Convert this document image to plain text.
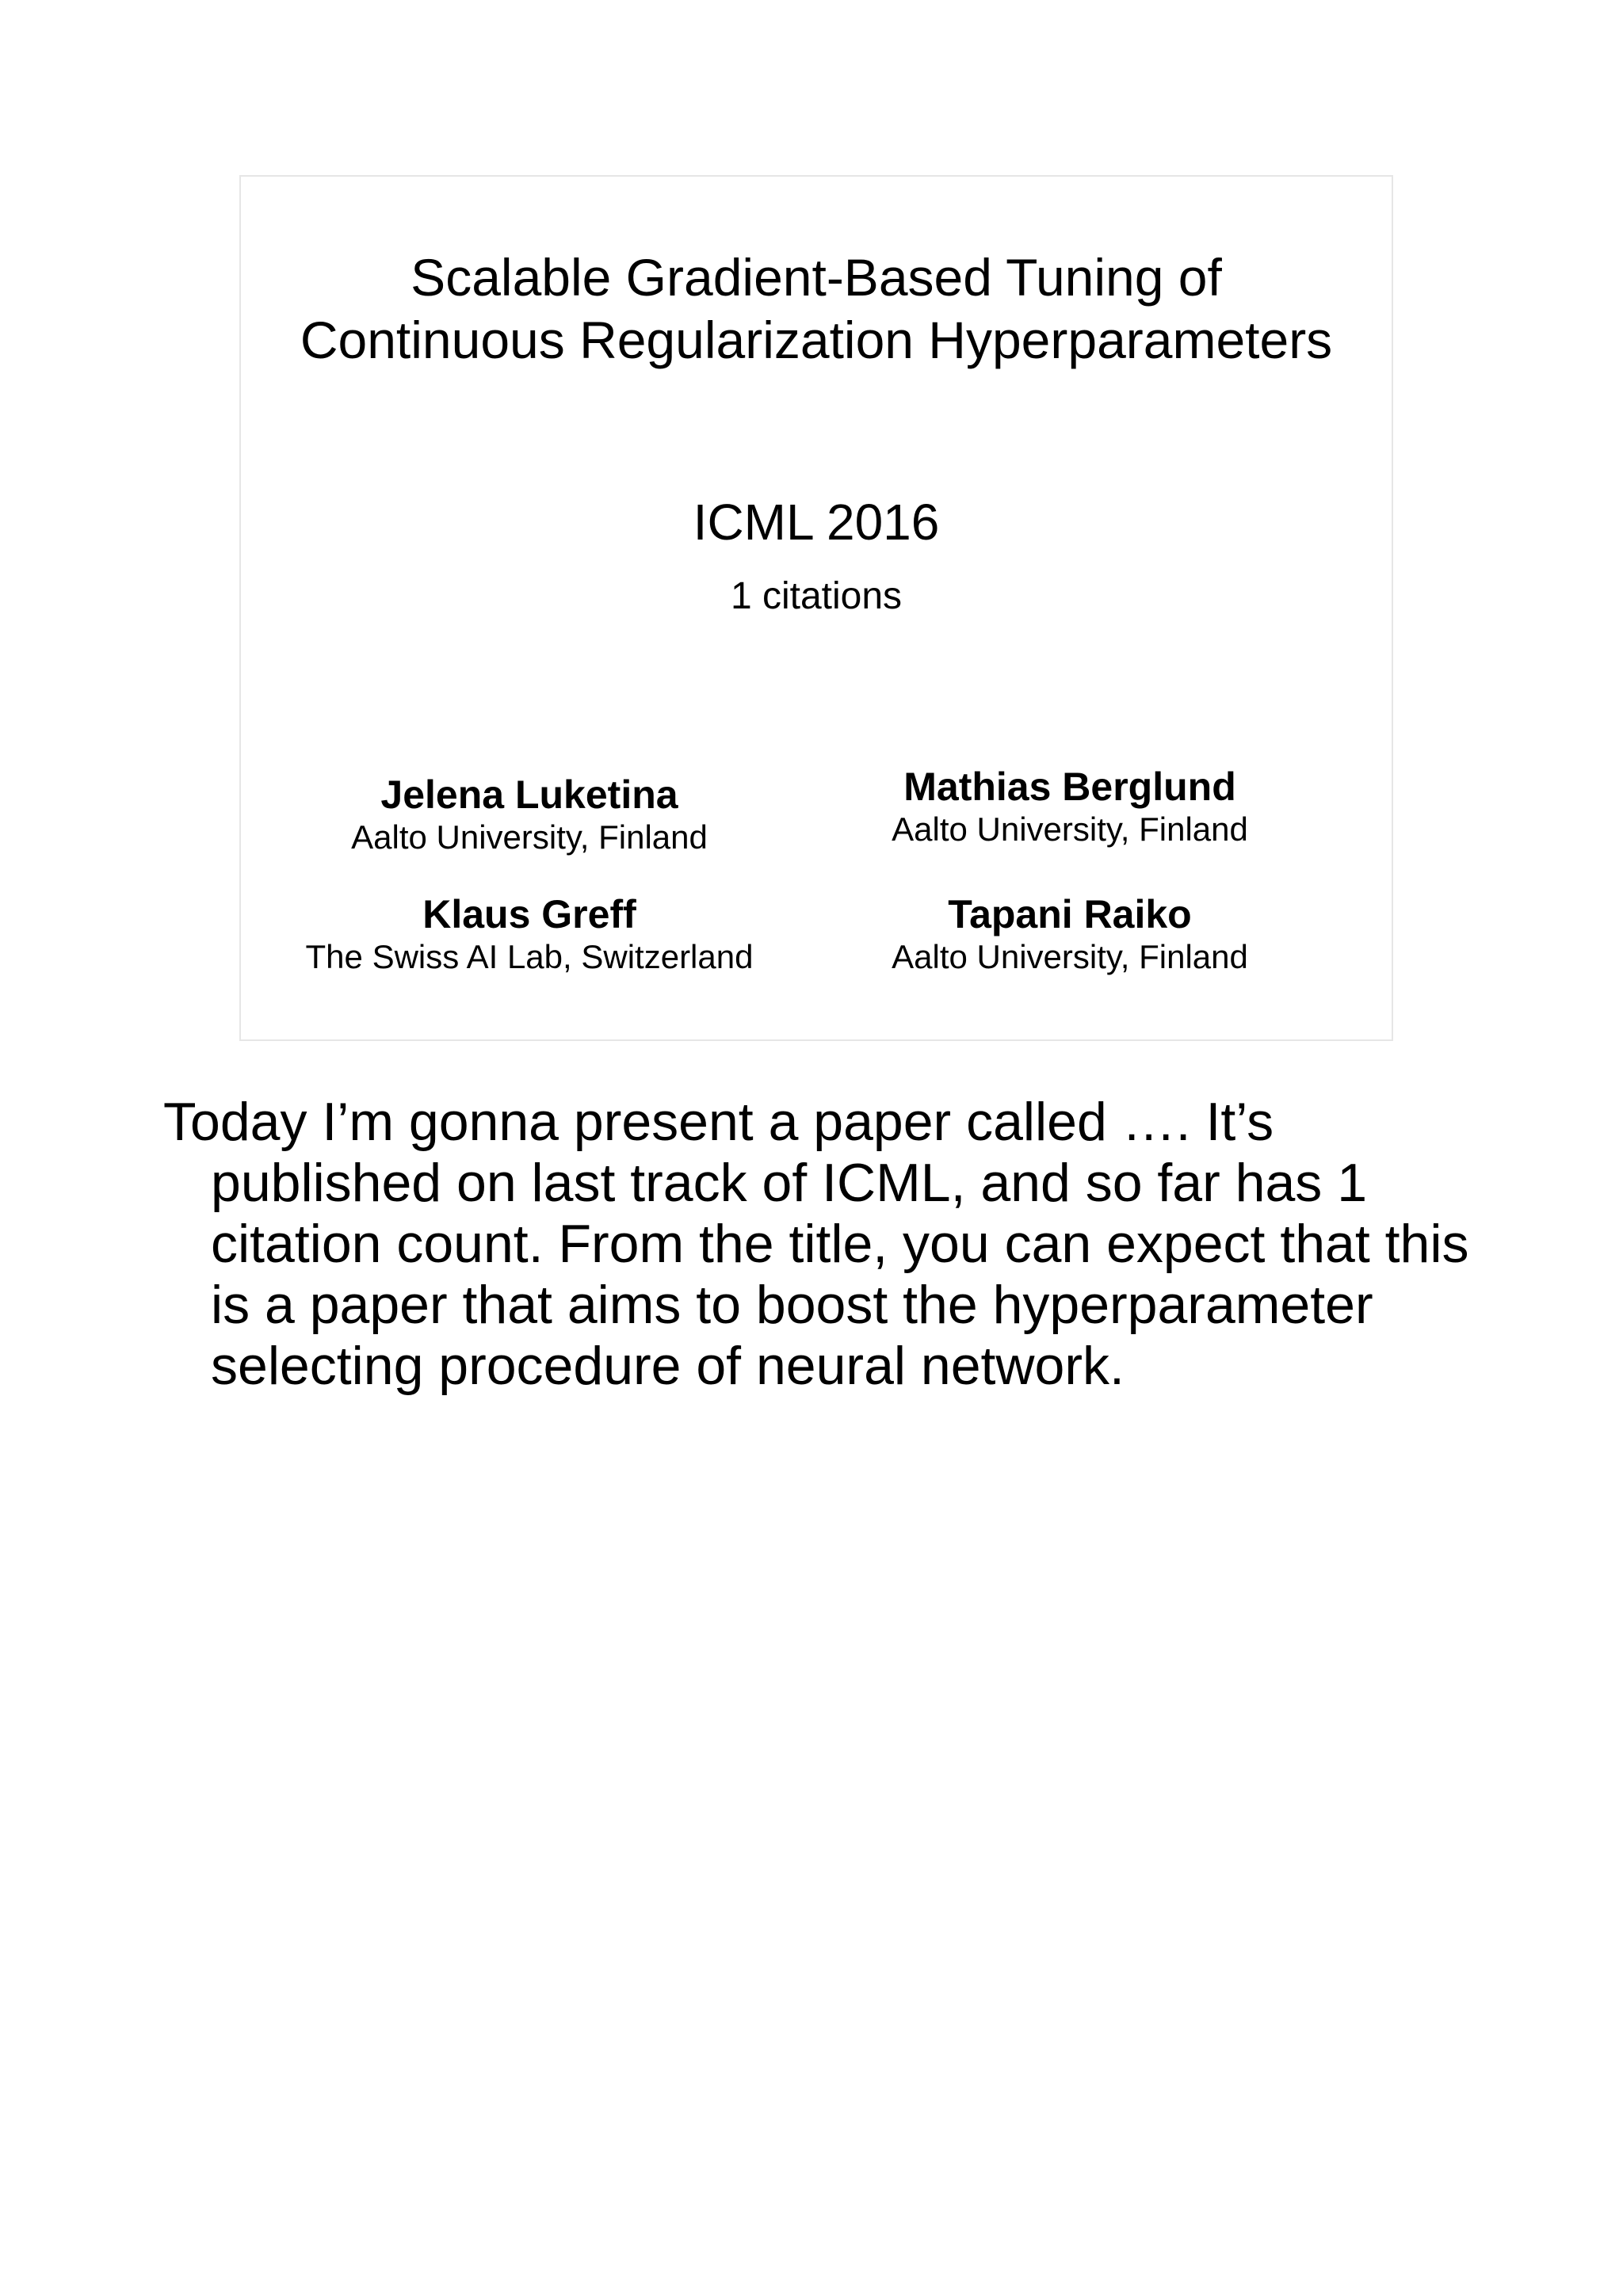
Scalable Gradient-Based Tuning of
Continuous Regularization Hyperparameters
ICML 2016
1 citations
Jelena Luketina
Aalto University, Finland
Mathias Berglund
Aalto University, Finland
Klaus Greff
The Swiss AI Lab, Switzerland
Tapani Raiko
Aalto University, Finland

Today I’m gonna present a paper called …. It’s published on last track of ICML, and so far has 1 citation count. From the title, you can expect that this is a paper that aims to boost the hyperparameter selecting procedure of neural network.
